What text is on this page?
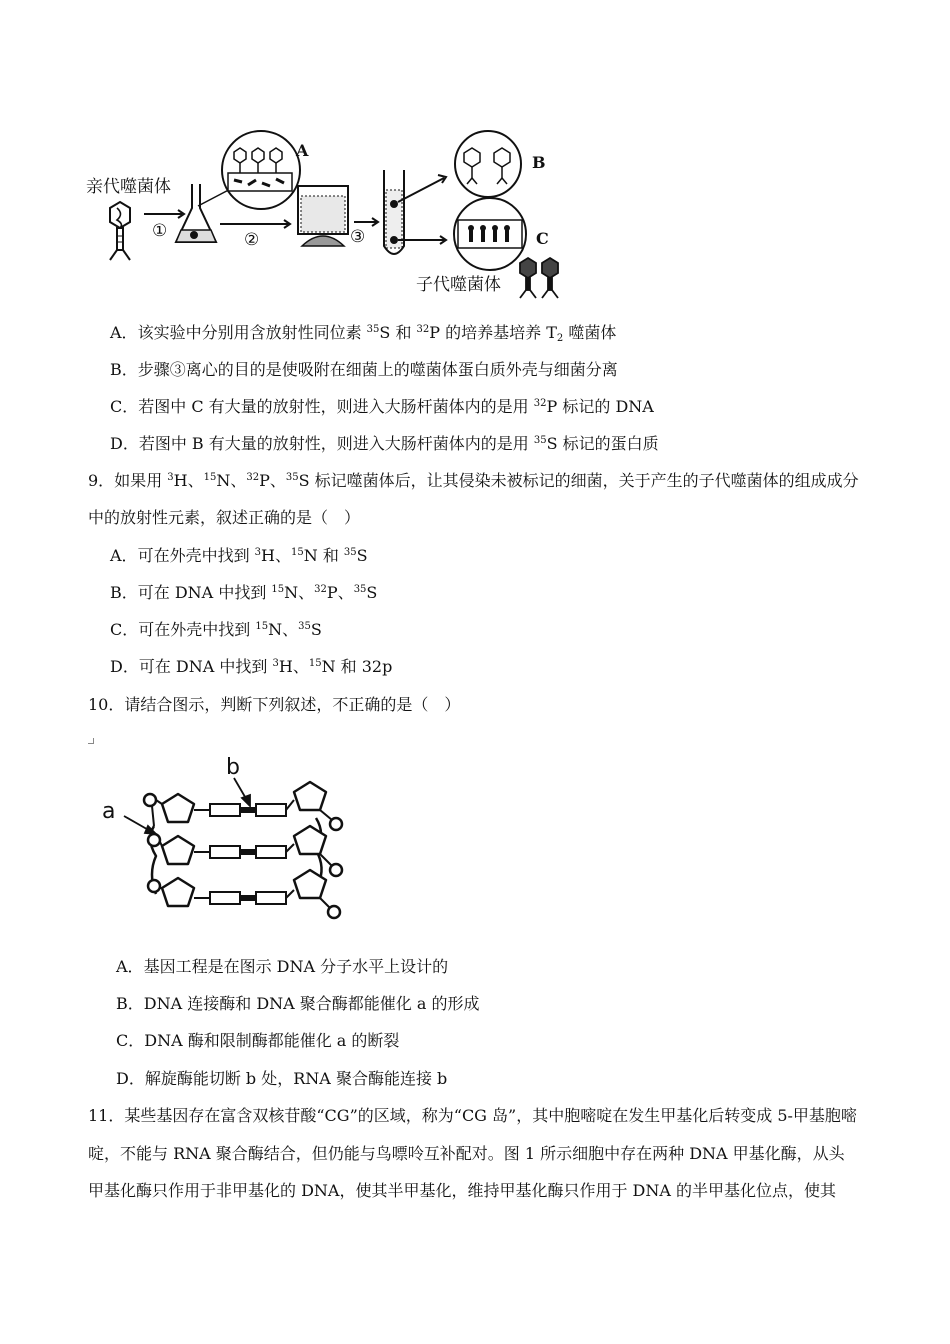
亲代噬菌体
①	②	③
A
B
C
子代噬菌体
A．该实验中分别用含放射性同位素 $^{35}$S 和 $^{32}$P 的培养基培养 $T_2$ 噬菌体
B．步骤③离心的目的是使吸附在细菌上的噬菌体蛋白质外壳与细菌分离
C．若图中 C 有大量的放射性，则进入大肠杆菌体内的是用 $^{32}$P 标记的 DNA
D．若图中 B 有大量的放射性，则进入大肠杆菌体内的是用 $^{35}$S 标记的蛋白质
9．如果用 $^3$H、$^{15}$N、$^{32}$P、$^{35}$S 标记噬菌体后，让其侵染未被标记的细菌，关于产生的子代噬菌体的组成成分
中的放射性元素，叙述正确的是（　）
A．可在外壳中找到 $^3$H、$^{15}$N 和 $^{35}$S
B．可在 DNA 中找到 $^{15}$N、$^{32}$P、$^{35}$S
C．可在外壳中找到 $^{15}$N、$^{35}$S
D．可在 DNA 中找到 $^3$H、$^{15}$N 和 32p
10．请结合图示，判断下列叙述，不正确的是（　）
a
b
A．基因工程是在图示 DNA 分子水平上设计的
B．DNA 连接酶和 DNA 聚合酶都能催化 a 的形成
C．DNA 酶和限制酶都能催化 a 的断裂
D．解旋酶能切断 b 处，RNA 聚合酶能连接 b
11．某些基因存在富含双核苷酸“CG”的区域，称为“CG 岛”，其中胞嘧啶在发生甲基化后转变成 5-甲基胞嘧
啶，不能与 RNA 聚合酶结合，但仍能与鸟嘌呤互补配对。图 1 所示细胞中存在两种 DNA 甲基化酶，从头
甲基化酶只作用于非甲基化的 DNA，使其半甲基化，维持甲基化酶只作用于 DNA 的半甲基化位点，使其
